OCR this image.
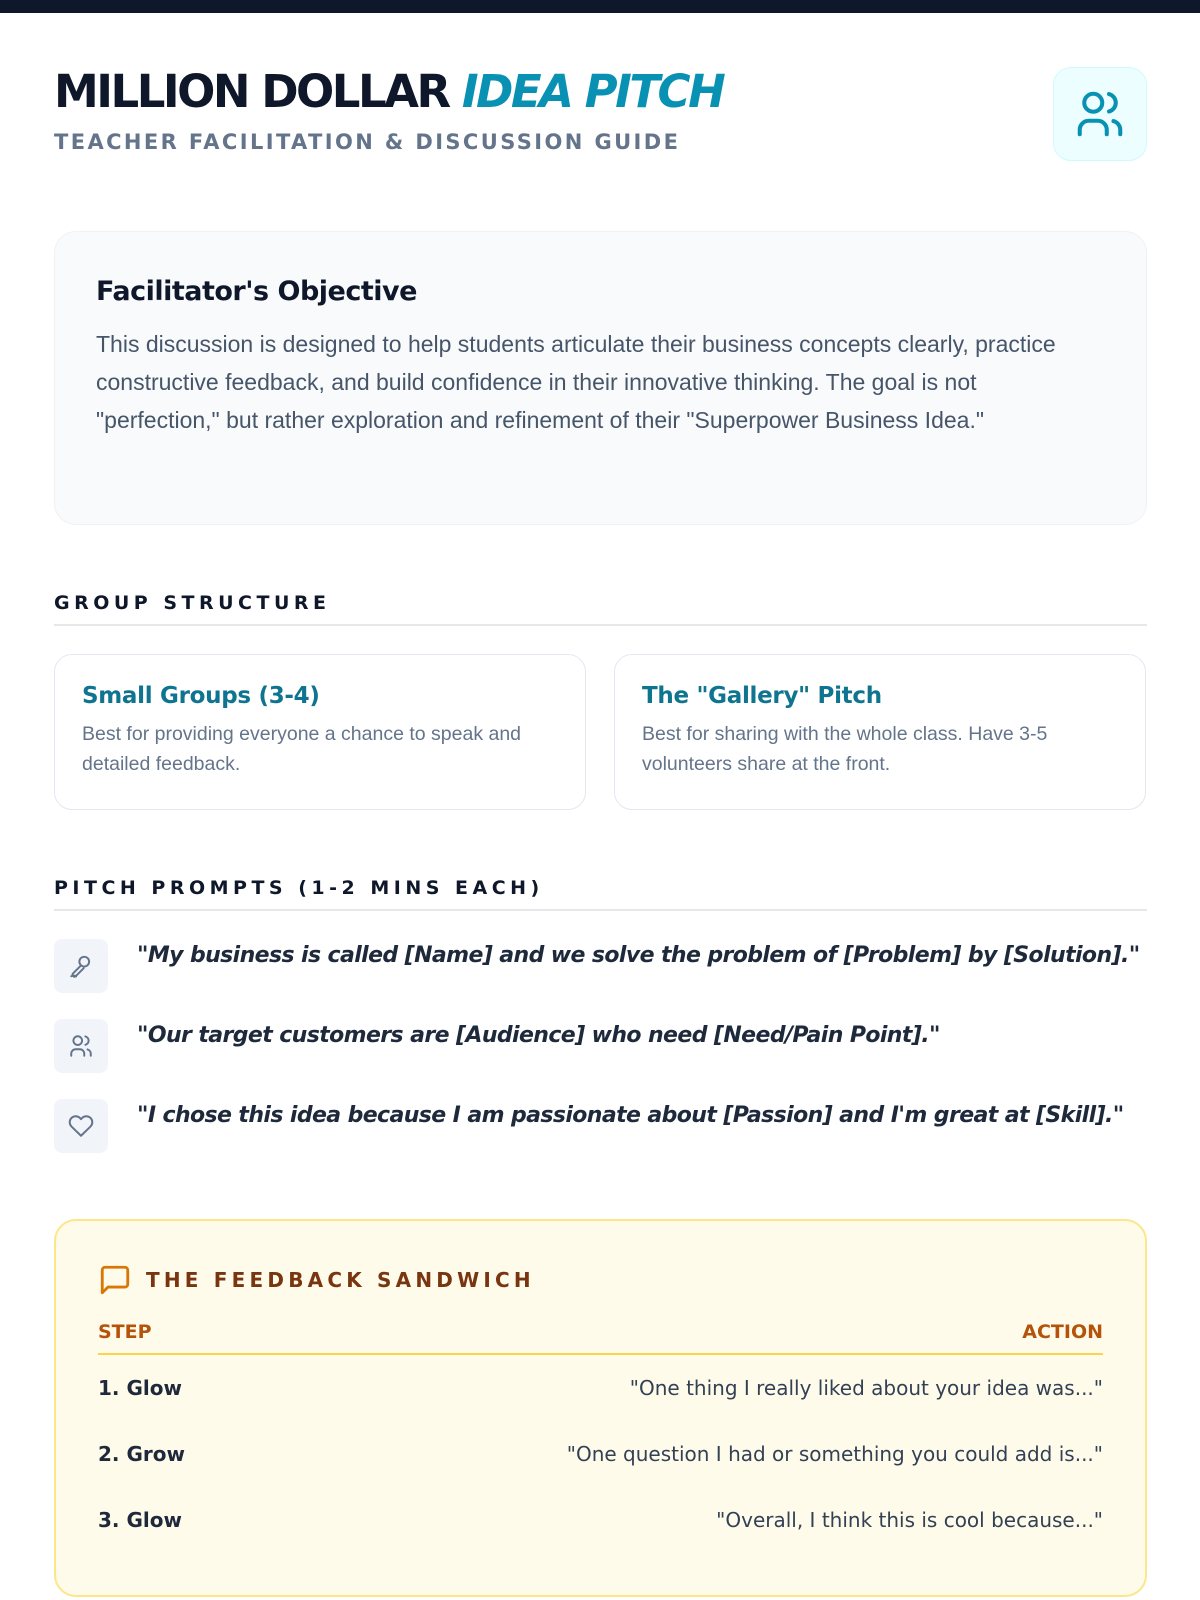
MILLION DOLLAR IDEA PITCH
TEACHER FACILITATION & DISCUSSION GUIDE
Facilitator's Objective

This discussion is designed to help students articulate their business concepts clearly, practice constructive feedback, and build confidence in their innovative thinking. The goal is not "perfection," but rather exploration and refinement of their "Superpower Business Idea."

GROUP STRUCTURE
Small Groups (3-4)

Best for providing everyone a chance to speak and detailed feedback.

The "Gallery" Pitch

Best for sharing with the whole class. Have 3-5 volunteers share at the front.

PITCH PROMPTS (1-2 MINS EACH)
"My business is called [Name] and we solve the problem of [Problem] by [Solution]."
"Our target customers are [Audience] who need [Need/Pain Point]."
"I chose this idea because I am passionate about [Passion] and I'm great at [Skill]."
THE FEEDBACK SANDWICH
STEP	ACTION
1. Glow	"One thing I really liked about your idea was..."
2. Grow	"One question I had or something you could add is..."
3. Glow	"Overall, I think this is cool because..."
